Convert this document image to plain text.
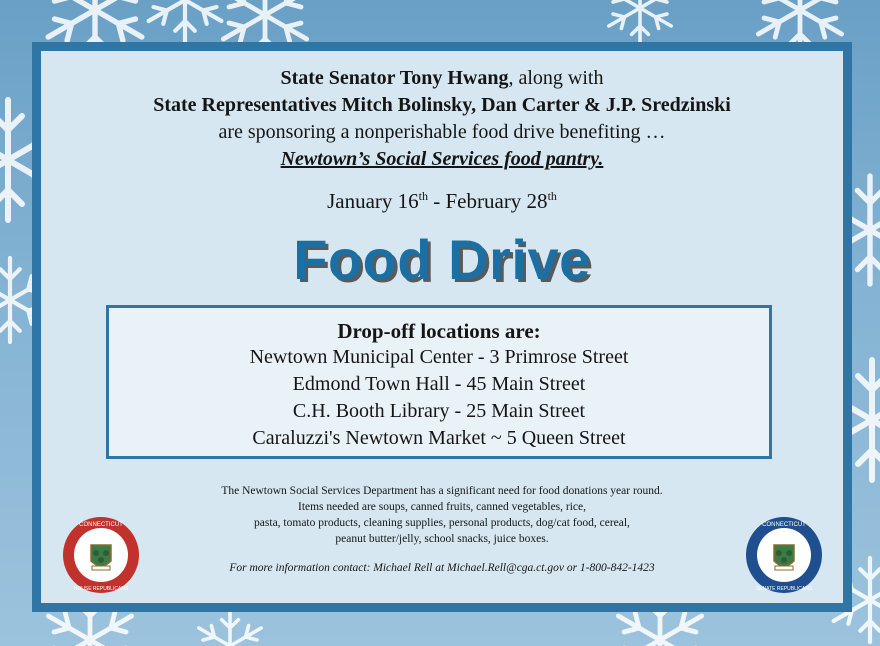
State Senator Tony Hwang, along with
State Representatives Mitch Bolinsky, Dan Carter & J.P. Sredzinski
are sponsoring a nonperishable food drive benefiting …
Newtown’s Social Services food pantry.
January 16th - February 28th
Food Drive
Drop-off locations are:
Newtown Municipal Center - 3 Primrose Street
Edmond Town Hall - 45 Main Street
C.H. Booth Library - 25 Main Street
Caraluzzi's Newtown Market ~ 5 Queen Street
The Newtown Social Services Department has a significant need for food donations year round.
Items needed are soups, canned fruits, canned vegetables, rice,
pasta, tomato products, cleaning supplies, personal products, dog/cat food, cereal,
peanut butter/jelly, school snacks, juice boxes.
For more information contact: Michael Rell at Michael.Rell@cga.ct.gov or 1-800-842-1423
CONNECTICUT
HOUSE REPUBLICANS
CONNECTICUT
SENATE REPUBLICANS
